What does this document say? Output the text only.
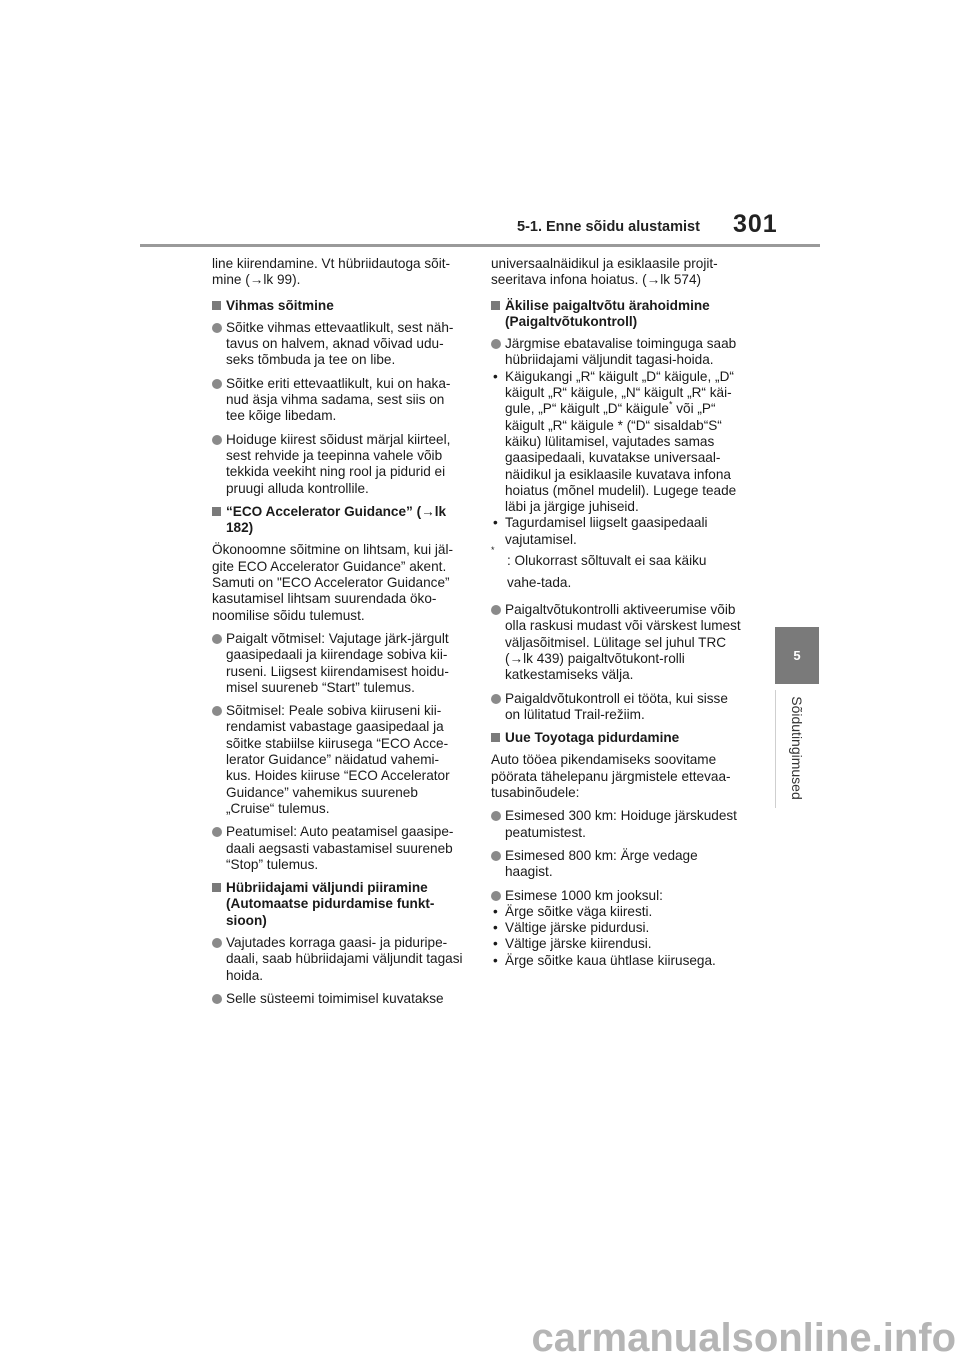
5-1. Enne sõidu alustamist 301
5
Sõidutingimused

line kiirendamine. Vt hübriidautoga sõit-mine (→lk 99).

Vihmas sõitmine
Sõitke vihmas ettevaatlikult, sest näh-tavus on halvem, aknad võivad udu-seks tõmbuda ja tee on libe.
Sõitke eriti ettevaatlikult, kui on haka-nud äsja vihma sadama, sest siis on tee kõige libedam.
Hoiduge kiirest sõidust märjal kiirteel, sest rehvide ja teepinna vahele võib tekkida veekiht ning rool ja pidurid ei pruugi alluda kontrollile.
“ECO Accelerator Guidance” (→lk 182)

Ökonoomne sõitmine on lihtsam, kui jäl-gite ECO Accelerator Guidance” akent. Samuti on "ECO Accelerator Guidance” kasutamisel lihtsam suurendada öko-noomilise sõidu tulemust.

Paigalt võtmisel: Vajutage järk-järgult gaasipedaali ja kiirendage sobiva kii-ruseni. Liigsest kiirendamisest hoidu-misel suureneb “Start” tulemus.
Sõitmisel: Peale sobiva kiiruseni kii-rendamist vabastage gaasipedaal ja sõitke stabiilse kiirusega “ECO Acce-lerator Guidance” näidatud vahemi-kus. Hoides kiiruse “ECO Accelerator Guidance” vahemikus suureneb „Cruise“ tulemus.
Peatumisel: Auto peatamisel gaasipe-daali aegsasti vabastamisel suureneb “Stop” tulemus.
Hübriidajami väljundi piiramine (Automaatse pidurdamise funkt-sioon)
Vajutades korraga gaasi- ja piduripe-daali, saab hübriidajami väljundit tagasi hoida.
Selle süsteemi toimimisel kuvatakse

universaalnäidikul ja esiklaasile projit-seeritava infona hoiatus. (→lk 574)

Äkilise paigaltvõtu ärahoidmine (Paigaltvõtukontroll)
Järgmise ebatavalise toiminguga saab hübriidajami väljundit tagasi-hoida.
• Käigukangi „R“ käigult „D“ käigule, „D“ käigult „R“ käigule, „N“ käigult „R“ käi-gule, „P“ käigult „D“ käigule* või „P“ käigult „R“ käigule * (“D“ sisaldab“S“ käiku) lülitamisel, vajutades samas gaasipedaali, kuvatakse universaal-näidikul ja esiklaasile kuvatava infona hoiatus (mõnel mudelil). Lugege teade läbi ja järgige juhiseid.
• Tagurdamisel liigselt gaasipedaali vajutamisel.
*
: Olukorrast sõltuvalt ei saa käiku vahe-tada.
Paigaltvõtukontrolli aktiveerumise võib olla raskusi mudast või värskest lumest väljasõitmisel. Lülitage sel juhul TRC (→lk 439) paigaltvõtukont-rolli katkestamiseks välja.
Paigaldvõtukontroll ei tööta, kui sisse on lülitatud Trail-režiim.
Uue Toyotaga pidurdamine

Auto tööea pikendamiseks soovitame pöörata tähelepanu järgmistele ettevaa-tusabinõudele:

Esimesed 300 km: Hoiduge järskudest peatumistest.
Esimesed 800 km: Ärge vedage haagist.
Esimese 1000 km jooksul:
• Ärge sõitke väga kiiresti.
• Vältige järske pidurdusi.
• Vältige järske kiirendusi.
• Ärge sõitke kaua ühtlase kiirusega.
carmanualsonline.info
